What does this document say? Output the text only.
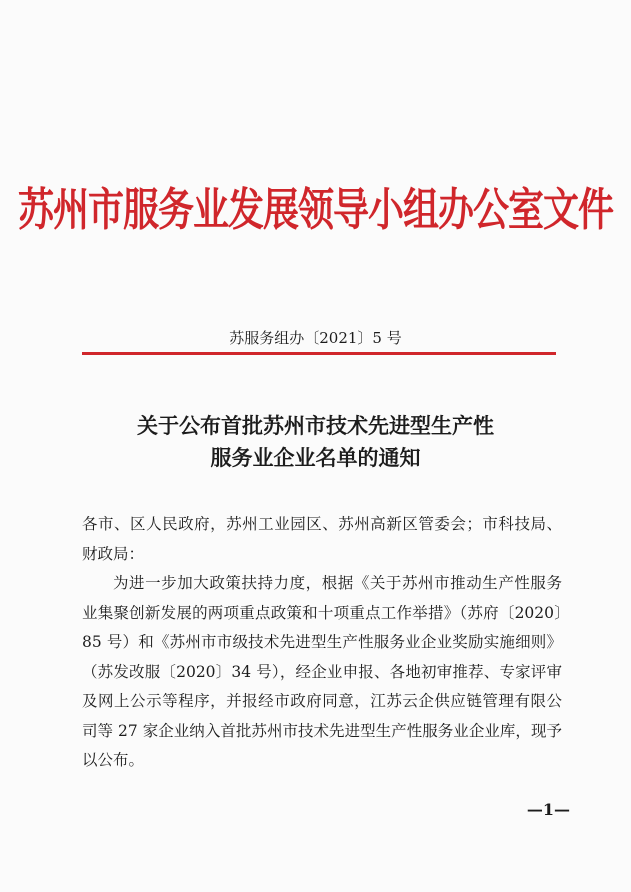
苏州市服务业发展领导小组办公室文件
苏服务组办〔2021〕5 号
关于公布首批苏州市技术先进型生产性
服务业企业名单的通知

各市、区人民政府，苏州工业园区、苏州高新区管委会；市科技局、财政局：

为进一步加大政策扶持力度，根据《关于苏州市推动生产性服务业集聚创新发展的两项重点政策和十项重点工作举措》（苏府〔2020〕85 号）和《苏州市市级技术先进型生产性服务业企业奖励实施细则》（苏发改服〔2020〕34 号），经企业申报、各地初审推荐、专家评审及网上公示等程序，并报经市政府同意，江苏云企供应链管理有限公司等 27 家企业纳入首批苏州市技术先进型生产性服务业企业库，现予以公布。

—1—
